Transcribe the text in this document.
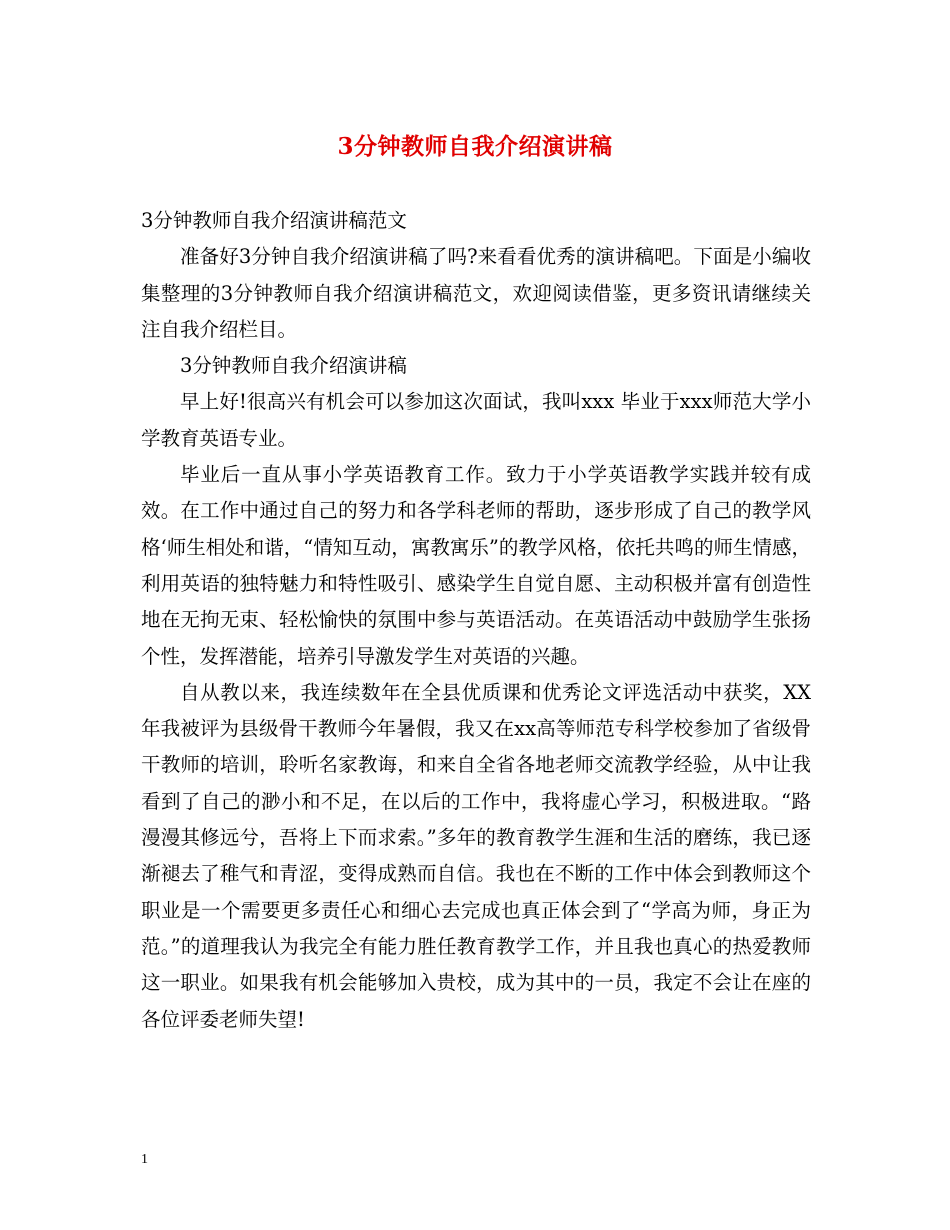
3分钟教师自我介绍演讲稿

3分钟教师自我介绍演讲稿范文

准备好3分钟自我介绍演讲稿了吗?来看看优秀的演讲稿吧。下面是小编收集整理的3分钟教师自我介绍演讲稿范文，欢迎阅读借鉴，更多资讯请继续关注自我介绍栏目。

3分钟教师自我介绍演讲稿

早上好!很高兴有机会可以参加这次面试，我叫xxx 毕业于xxx师范大学小学教育英语专业。

毕业后一直从事小学英语教育工作。致力于小学英语教学实践并较有成效。在工作中通过自己的努力和各学科老师的帮助，逐步形成了自己的教学风格‘师生相处和谐，“情知互动，寓教寓乐”的教学风格，依托共鸣的师生情感，利用英语的独特魅力和特性吸引、感染学生自觉自愿、主动积极并富有创造性地在无拘无束、轻松愉快的氛围中参与英语活动。在英语活动中鼓励学生张扬个性，发挥潜能，培养引导激发学生对英语的兴趣。

自从教以来，我连续数年在全县优质课和优秀论文评选活动中获奖，XX年我被评为县级骨干教师今年暑假，我又在xx高等师范专科学校参加了省级骨干教师的培训，聆听名家教诲，和来自全省各地老师交流教学经验，从中让我看到了自己的渺小和不足，在以后的工作中，我将虚心学习，积极进取。“路漫漫其修远兮，吾将上下而求索。”多年的教育教学生涯和生活的磨练，我已逐渐褪去了稚气和青涩，变得成熟而自信。我也在不断的工作中体会到教师这个职业是一个需要更多责任心和细心去完成也真正体会到了“学高为师，身正为范。”的道理我认为我完全有能力胜任教育教学工作，并且我也真心的热爱教师这一职业。如果我有机会能够加入贵校，成为其中的一员，我定不会让在座的各位评委老师失望!

1
